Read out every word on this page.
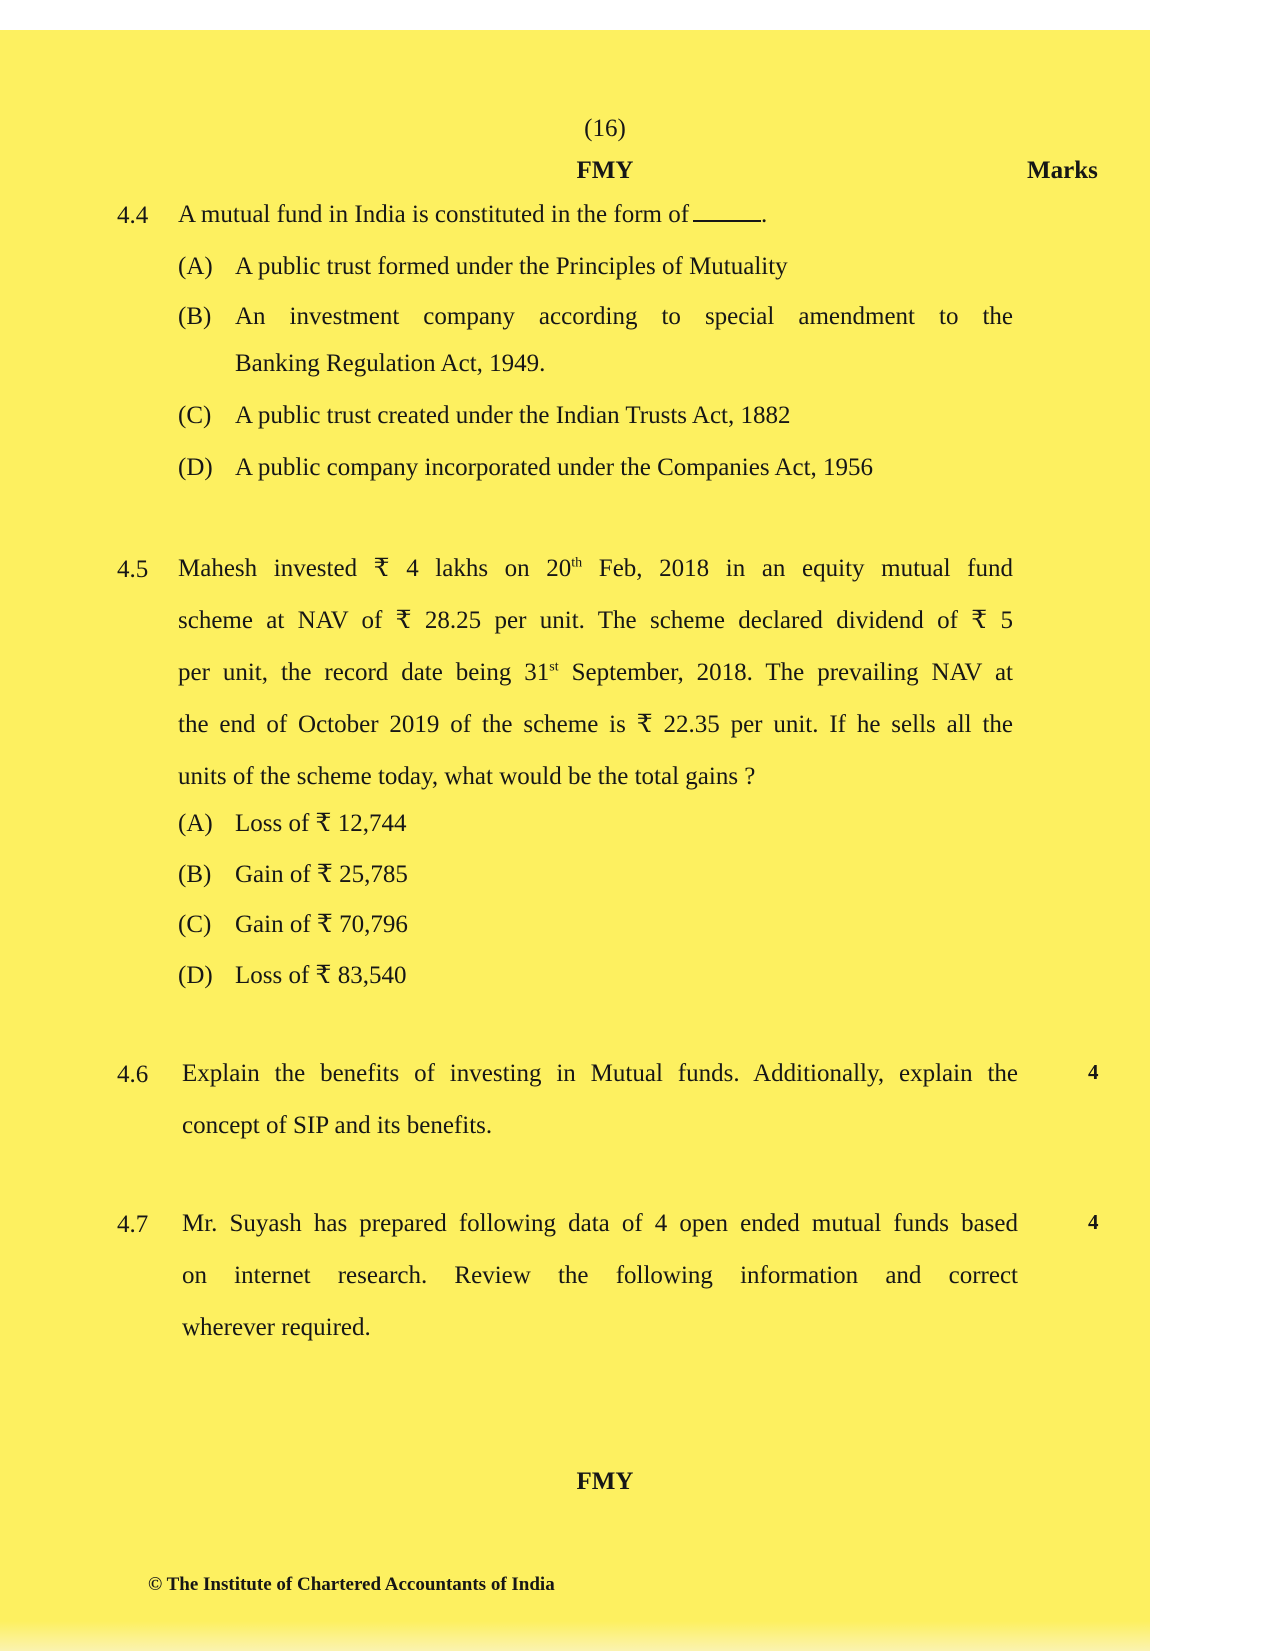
(16)
FMY	Marks
4.4 A mutual fund in India is constituted in the form of	.
(A) A public trust formed under the Principles of Mutuality
(B) An investment company according to special amendment to the
Banking Regulation Act, 1949.
(C) A public trust created under the Indian Trusts Act, 1882
(D) A public company incorporated under the Companies Act, 1956
4.5 Mahesh invested ₹ 4 lakhs on 20th Feb, 2018 in an equity mutual fund
scheme at NAV of ₹ 28.25 per unit. The scheme declared dividend of ₹ 5
per unit, the record date being 31st September, 2018. The prevailing NAV at
the end of October 2019 of the scheme is ₹ 22.35 per unit. If he sells all the
units of the scheme today, what would be the total gains ?
(A) Loss of ₹ 12,744
(B) Gain of ₹ 25,785
(C) Gain of ₹ 70,796
(D) Loss of ₹ 83,540
4.6 Explain the benefits of investing in Mutual funds. Additionally, explain the
concept of SIP and its benefits.
4
4.7 Mr. Suyash has prepared following data of 4 open ended mutual funds based
on internet research. Review the following information and correct
wherever required.
4
FMY
© The Institute of Chartered Accountants of India
